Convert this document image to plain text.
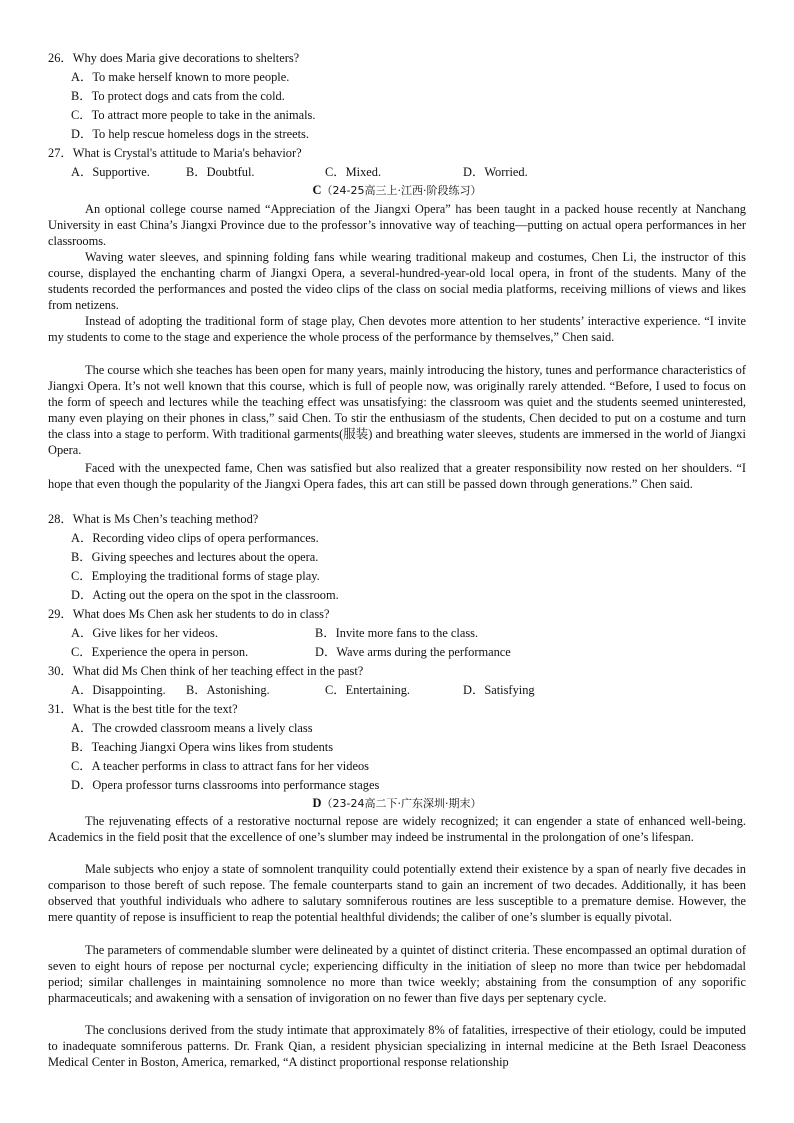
26．Why does Maria give decorations to shelters?
A．To make herself known to more people.
B．To protect dogs and cats from the cold.
C．To attract more people to take in the animals.
D．To help rescue homeless dogs in the streets.
27．What is Crystal's attitude to Maria's behavior?
A．Supportive.	B．Doubtful.	C．Mixed.	D．Worried.
C（24-25高三上·江西·阶段练习）

An optional college course named “Appreciation of the Jiangxi Opera” has been taught in a packed house recently at Nanchang University in east China’s Jiangxi Province due to the professor’s innovative way of teaching—putting on actual opera performances in her classrooms.

Waving water sleeves, and spinning folding fans while wearing traditional makeup and costumes, Chen Li, the instructor of this course, displayed the enchanting charm of Jiangxi Opera, a several-hundred-year-old local opera, in front of the students. Many of the students recorded the performances and posted the video clips of the class on social media platforms, receiving millions of views and likes from netizens.

Instead of adopting the traditional form of stage play, Chen devotes more attention to her students’ interactive experience. “I invite my students to come to the stage and experience the whole process of the performance by themselves,” Chen said.

The course which she teaches has been open for many years, mainly introducing the history, tunes and performance characteristics of Jiangxi Opera. It’s not well known that this course, which is full of people now, was originally rarely attended. “Before, I used to focus on the form of speech and lectures while the teaching effect was unsatisfying: the classroom was quiet and the students seemed uninterested, many even playing on their phones in class,” said Chen. To stir the enthusiasm of the students, Chen decided to put on a costume and turn the class into a stage to perform. With traditional garments(服装) and breathing water sleeves, students are immersed in the world of Jiangxi Opera.

Faced with the unexpected fame, Chen was satisfied but also realized that a greater responsibility now rested on her shoulders. “I hope that even though the popularity of the Jiangxi Opera fades, this art can still be passed down through generations.” Chen said.

28．What is Ms Chen’s teaching method?
A．Recording video clips of opera performances.
B．Giving speeches and lectures about the opera.
C．Employing the traditional forms of stage play.
D．Acting out the opera on the spot in the classroom.
29．What does Ms Chen ask her students to do in class?
A．Give likes for her videos.	B．Invite more fans to the class.
C．Experience the opera in person.	D．Wave arms during the performance
30．What did Ms Chen think of her teaching effect in the past?
A．Disappointing. B．Astonishing.	C．Entertaining.	D．Satisfying
31．What is the best title for the text?
A．The crowded classroom means a lively class
B．Teaching Jiangxi Opera wins likes from students
C．A teacher performs in class to attract fans for her videos
D．Opera professor turns classrooms into performance stages
D（23-24高二下·广东深圳·期末）

The rejuvenating effects of a restorative nocturnal repose are widely recognized; it can engender a state of enhanced well-being. Academics in the field posit that the excellence of one’s slumber may indeed be instrumental in the prolongation of one’s lifespan.

Male subjects who enjoy a state of somnolent tranquility could potentially extend their existence by a span of nearly five decades in comparison to those bereft of such repose. The female counterparts stand to gain an increment of two decades. Additionally, it has been observed that youthful individuals who adhere to salutary somniferous routines are less susceptible to a premature demise. However, the mere quantity of repose is insufficient to reap the potential healthful dividends; the caliber of one’s slumber is equally pivotal.

The parameters of commendable slumber were delineated by a quintet of distinct criteria. These encompassed an optimal duration of seven to eight hours of repose per nocturnal cycle; experiencing difficulty in the initiation of sleep no more than twice per hebdomadal period; similar challenges in maintaining somnolence no more than twice weekly; abstaining from the consumption of any soporific pharmaceuticals; and awakening with a sensation of invigoration on no fewer than five days per septenary cycle.

The conclusions derived from the study intimate that approximately 8% of fatalities, irrespective of their etiology, could be imputed to inadequate somniferous patterns. Dr. Frank Qian, a resident physician specializing in internal medicine at the Beth Israel Deaconess Medical Center in Boston, America, remarked, “A distinct proportional response relationship
